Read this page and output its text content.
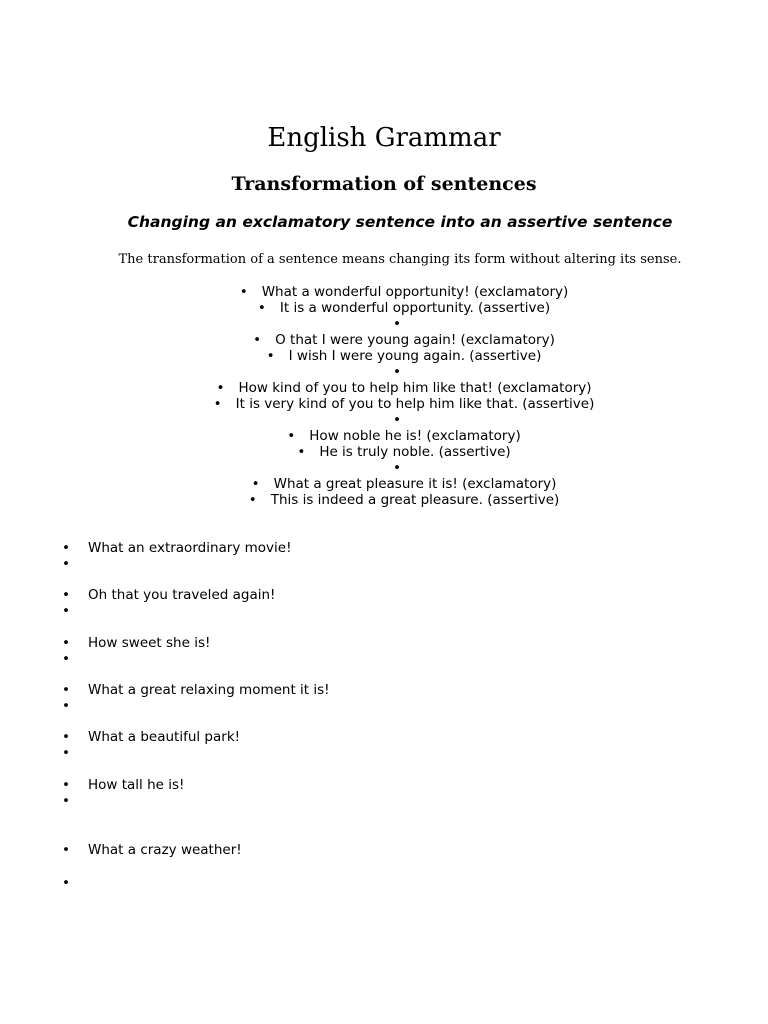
English Grammar
Transformation of sentences
Changing an exclamatory sentence into an assertive sentence

The transformation of a sentence means changing its form without altering its sense.

• What a wonderful opportunity! (exclamatory)
• It is a wonderful opportunity. (assertive)
•
• O that I were young again! (exclamatory)
• I wish I were young again. (assertive)
•
• How kind of you to help him like that! (exclamatory)
• It is very kind of you to help him like that. (assertive)
•
• How noble he is! (exclamatory)
• He is truly noble. (assertive)
•
• What a great pleasure it is! (exclamatory)
• This is indeed a great pleasure. (assertive)
• What an extraordinary movie!
•
• Oh that you traveled again!
•
• How sweet she is!
•
• What a great relaxing moment it is!
•
• What a beautiful park!
•
• How tall he is!
•
• What a crazy weather!
•
